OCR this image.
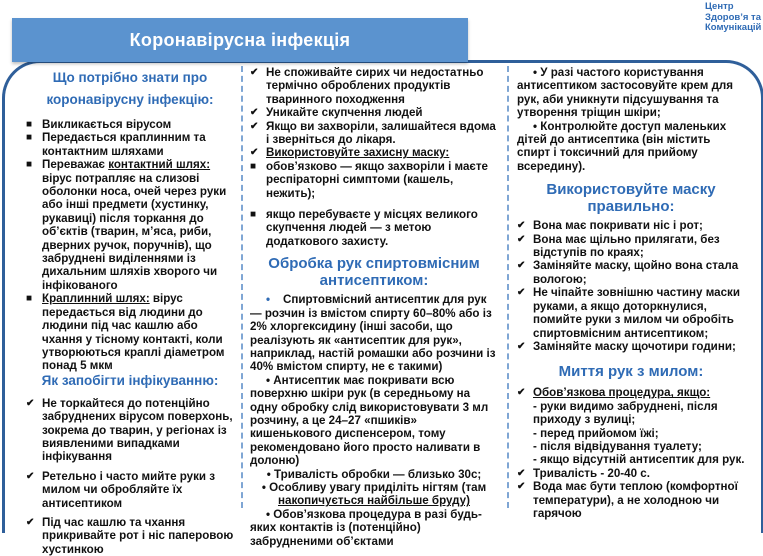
Центр
Здоров’я та
Комунікацій
Коронавірусна інфекція
Що потрібно знати про
коронавірусну інфекцію:
■ Викликається вірусом
■ Передається краплинним та контактним шляхами
■ Переважає контактний шлях: вірус потрапляє на слизові оболонки носа, очей через руки або інші предмети (хустинку, рукавиці) після торкання до об’єктів (тварин, м’яса, риби, дверних ручок, поручнів), що забруднені виділеннями із дихальним шляхів хворого чи інфікованого
■ Краплинний шлях: вірус передається від людини до людини під час кашлю або чхання у тісному контакті, коли утворюються краплі діаметром понад 5 мкм
Як запобігти інфікуванню:
✔ Не торкайтеся до потенційно забруднених вірусом поверхонь, зокрема до тварин, у регіонах із виявленими випадками інфікування
✔ Ретельно і часто мийте руки з милом чи обробляйте їх антисептиком
✔ Під час кашлю та чхання прикривайте рот і ніс паперовою хустинкою
✔ Не споживайте сирих чи недостатньо термічно оброблених продуктів тваринного походження
✔ Уникайте скупчення людей
✔ Якщо ви захворіли, залишайтеся вдома і зверніться до лікаря.
✔ Використовуйте захисну маску:
■ обов’язково — якщо захворіли і маєте респіраторні симптоми (кашель, нежить);
■ якщо перебуваєте у місцях великого скупчення людей — з метою додаткового захисту.
Обробка рук спиртовмісним
антисептиком:
• Спиртовмісний антисептик для рук — розчин із вмістом спирту 60–80% або із 2% хлоргексидину (інші засоби, що реалізують як «антисептик для рук», наприклад, настій ромашки або розчини із 40% вмістом спирту, не є такими)
• Антисептик має покривати всю поверхню шкіри рук (в середньому на одну обробку слід використовувати 3 мл розчину, а це 24–27 «пшиків» кишенькового диспенсером, тому рекомендовано його просто наливати в долоню)
• Тривалість обробки — близько 30с;
• Особливу увагу приділіть нігтям (там
накопичується найбільше бруду)
• Обов’язкова процедура в разі будь-яких контактів із (потенційно) забрудненими об’єктами
• У разі частого користування антисептиком застосовуйте крем для рук, аби уникнути підсушування та утворення тріщин шкіри;
• Контролюйте доступ маленьких дітей до антисептика (він містить спирт і токсичний для прийому всередину).
Використовуйте маску
правильно:
✔ Вона має покривати ніс і рот;
✔ Вона має щільно прилягати, без відступів по краях;
✔ Заміняйте маску, щойно вона стала вологою;
✔ Не чіпайте зовнішню частину маски руками, а якщо доторкнулися, помийте руки з милом чи обробіть спиртовмісним антисептиком;
✔ Заміняйте маску щочотири години;
Миття рук з милом:
✔ Обов’язкова процедура, якщо:
- руки видимо забруднені, після приходу з вулиці;
- перед прийомом їжі;
- після відвідування туалету;
- якщо відсутній антисептик для рук.
✔ Тривалість - 20-40 с.
✔ Вода має бути теплою (комфортної температури), а не холодною чи гарячою
